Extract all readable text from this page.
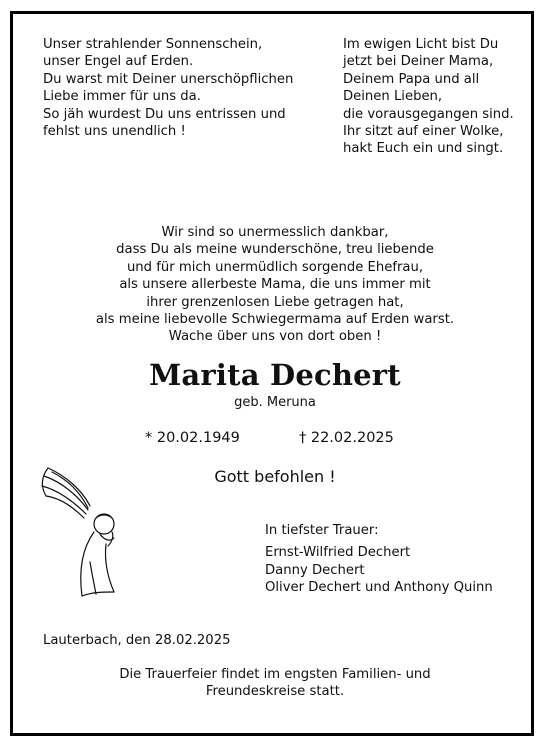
Unser strahlender Sonnenschein,
unser Engel auf Erden.
Du warst mit Deiner unerschöpflichen
Liebe immer für uns da.
So jäh wurdest Du uns entrissen und
fehlst uns unendlich !
Im ewigen Licht bist Du
jetzt bei Deiner Mama,
Deinem Papa und all
Deinen Lieben,
die vorausgegangen sind.
Ihr sitzt auf einer Wolke,
hakt Euch ein und singt.
Wir sind so unermesslich dankbar,
dass Du als meine wunderschöne, treu liebende
und für mich unermüdlich sorgende Ehefrau,
als unsere allerbeste Mama, die uns immer mit
ihrer grenzenlosen Liebe getragen hat,
als meine liebevolle Schwiegermama auf Erden warst.
Wache über uns von dort oben !
Marita Dechert
geb. Meruna
* 20.02.1949	† 22.02.2025
Gott befohlen !
In tiefster Trauer:
Ernst-Wilfried Dechert
Danny Dechert
Oliver Dechert und Anthony Quinn
Lauterbach, den 28.02.2025
Die Trauerfeier findet im engsten Familien- und
Freundeskreise statt.
